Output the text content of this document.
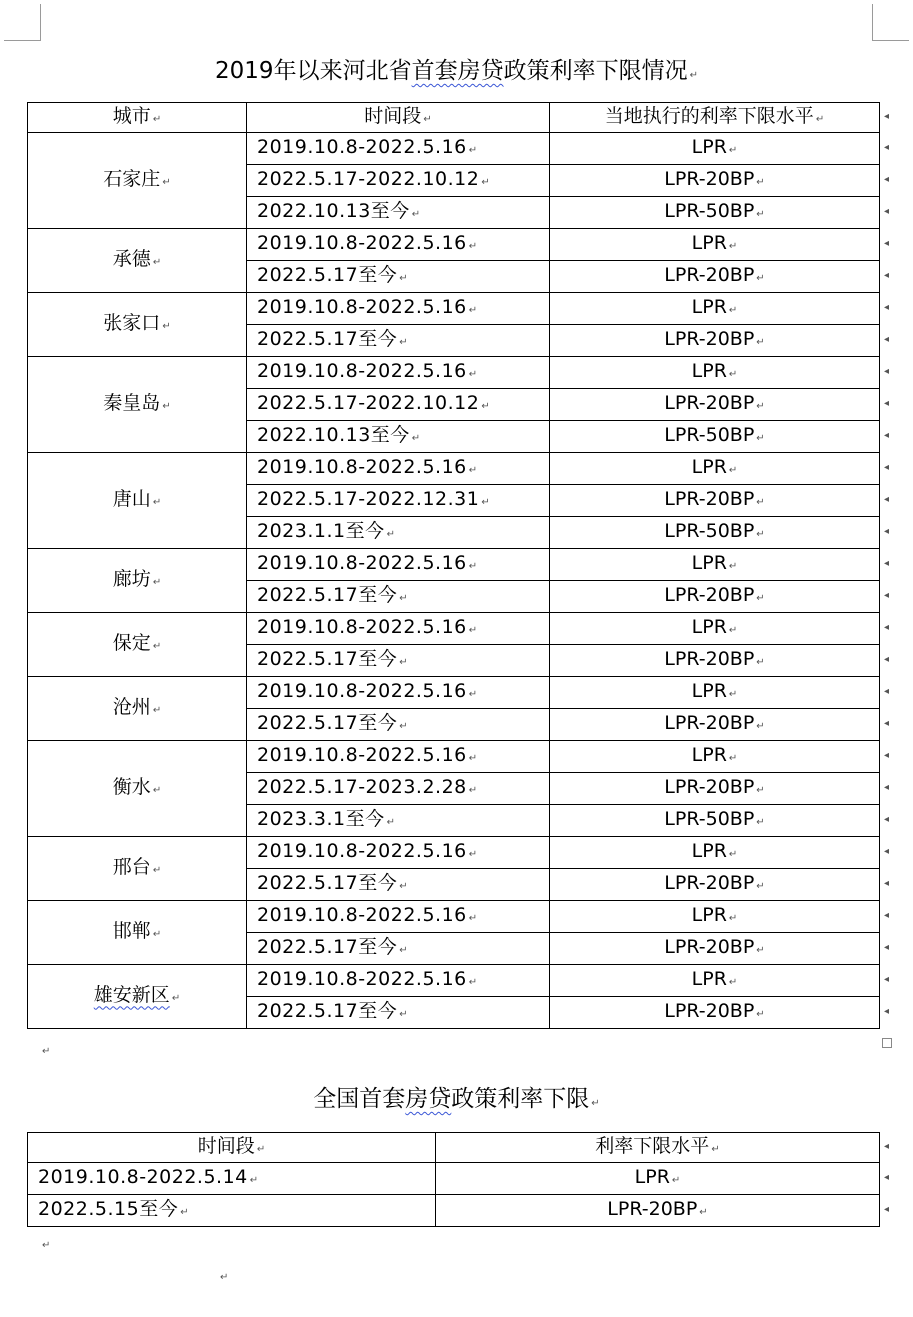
2019年以来河北省首套房贷政策利率下限情况 ↵
城市 ↵	时间段 ↵	当地执行的利率下限水平 ↵
石家庄 ↵	2019.10.8-2022.5.16 ↵	LPR ↵
	2022.5.17-2022.10.12 ↵	LPR-20BP ↵
	2022.10.13至今 ↵	LPR-50BP ↵
承德 ↵	2019.10.8-2022.5.16 ↵	LPR ↵
	2022.5.17至今 ↵	LPR-20BP ↵
张家口 ↵	2019.10.8-2022.5.16 ↵	LPR ↵
	2022.5.17至今 ↵	LPR-20BP ↵
秦皇岛 ↵	2019.10.8-2022.5.16 ↵	LPR ↵
	2022.5.17-2022.10.12 ↵	LPR-20BP ↵
	2022.10.13至今 ↵	LPR-50BP ↵
唐山 ↵	2019.10.8-2022.5.16 ↵	LPR ↵
	2022.5.17-2022.12.31 ↵	LPR-20BP ↵
	2023.1.1至今 ↵	LPR-50BP ↵
廊坊 ↵	2019.10.8-2022.5.16 ↵	LPR ↵
	2022.5.17至今 ↵	LPR-20BP ↵
保定 ↵	2019.10.8-2022.5.16 ↵	LPR ↵
	2022.5.17至今 ↵	LPR-20BP ↵
沧州 ↵	2019.10.8-2022.5.16 ↵	LPR ↵
	2022.5.17至今 ↵	LPR-20BP ↵
衡水 ↵	2019.10.8-2022.5.16 ↵	LPR ↵
	2022.5.17-2023.2.28 ↵	LPR-20BP ↵
	2023.3.1至今 ↵	LPR-50BP ↵
邢台 ↵	2019.10.8-2022.5.16 ↵	LPR ↵
	2022.5.17至今 ↵	LPR-20BP ↵
邯郸 ↵	2019.10.8-2022.5.16 ↵	LPR ↵
	2022.5.17至今 ↵	LPR-20BP ↵
雄安新区 ↵	2019.10.8-2022.5.16 ↵	LPR ↵
	2022.5.17至今 ↵	LPR-20BP ↵
↵
全国首套房贷政策利率下限 ↵
时间段 ↵	利率下限水平 ↵
2019.10.8-2022.5.14 ↵	LPR ↵
2022.5.15至今 ↵	LPR-20BP ↵
↵
↵
◂
◂
◂
◂
◂
◂
◂
◂
◂
◂
◂
◂
◂
◂
◂
◂
◂
◂
◂
◂
◂
◂
◂
◂
◂
◂
◂
◂
◂
◂
◂
◂
